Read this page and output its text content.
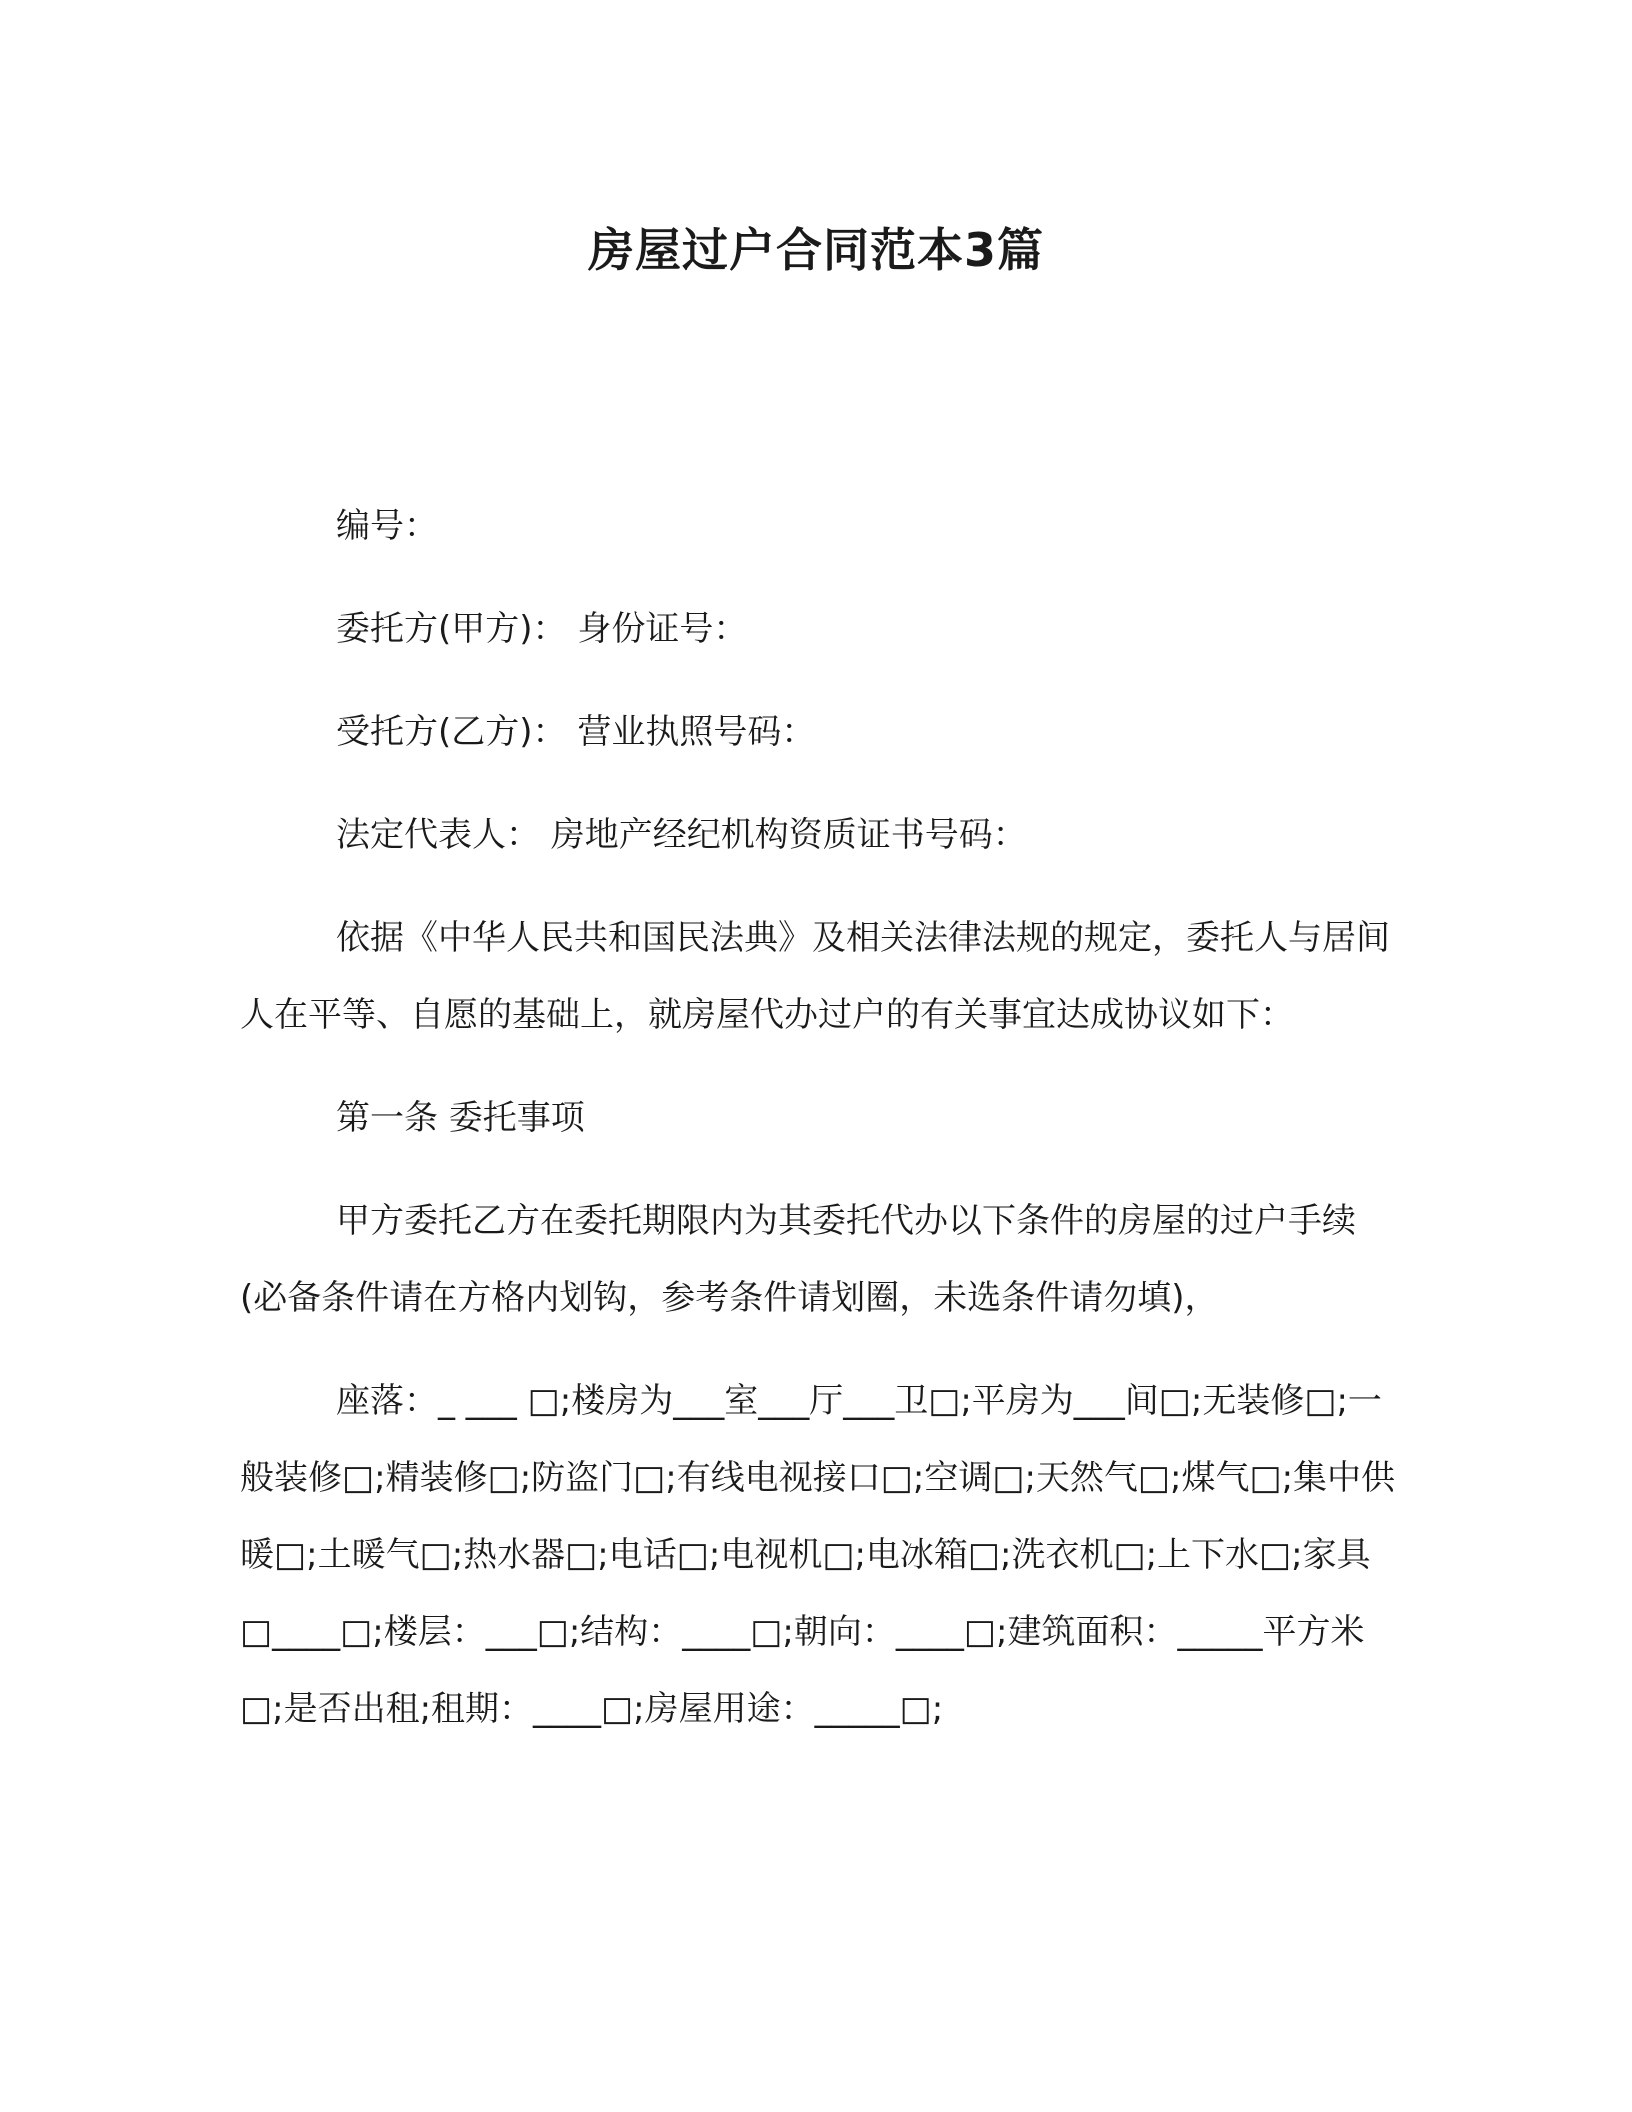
房屋过户合同范本3篇

编号：

委托方(甲方)： 身份证号：

受托方(乙方)： 营业执照号码：

法定代表人： 房地产经纪机构资质证书号码：

依据《中华人民共和国民法典》及相关法律法规的规定，委托人与居间人在平等、自愿的基础上，就房屋代办过户的有关事宜达成协议如下：

第一条 委托事项

甲方委托乙方在委托期限内为其委托代办以下条件的房屋的过户手续(必备条件请在方格内划钩，参考条件请划圈，未选条件请勿填)，

座落：_ ___ □;楼房为___室___厅___卫□;平房为___间□;无装修□;一般装修□;精装修□;防盗门□;有线电视接口□;空调□;天然气□;煤气□;集中供暖□;土暖气□;热水器□;电话□;电视机□;电冰箱□;洗衣机□;上下水□;家具□____□;楼层：___□;结构：____□;朝向：____□;建筑面积：_____平方米□;是否出租;租期：____□;房屋用途：_____□;
